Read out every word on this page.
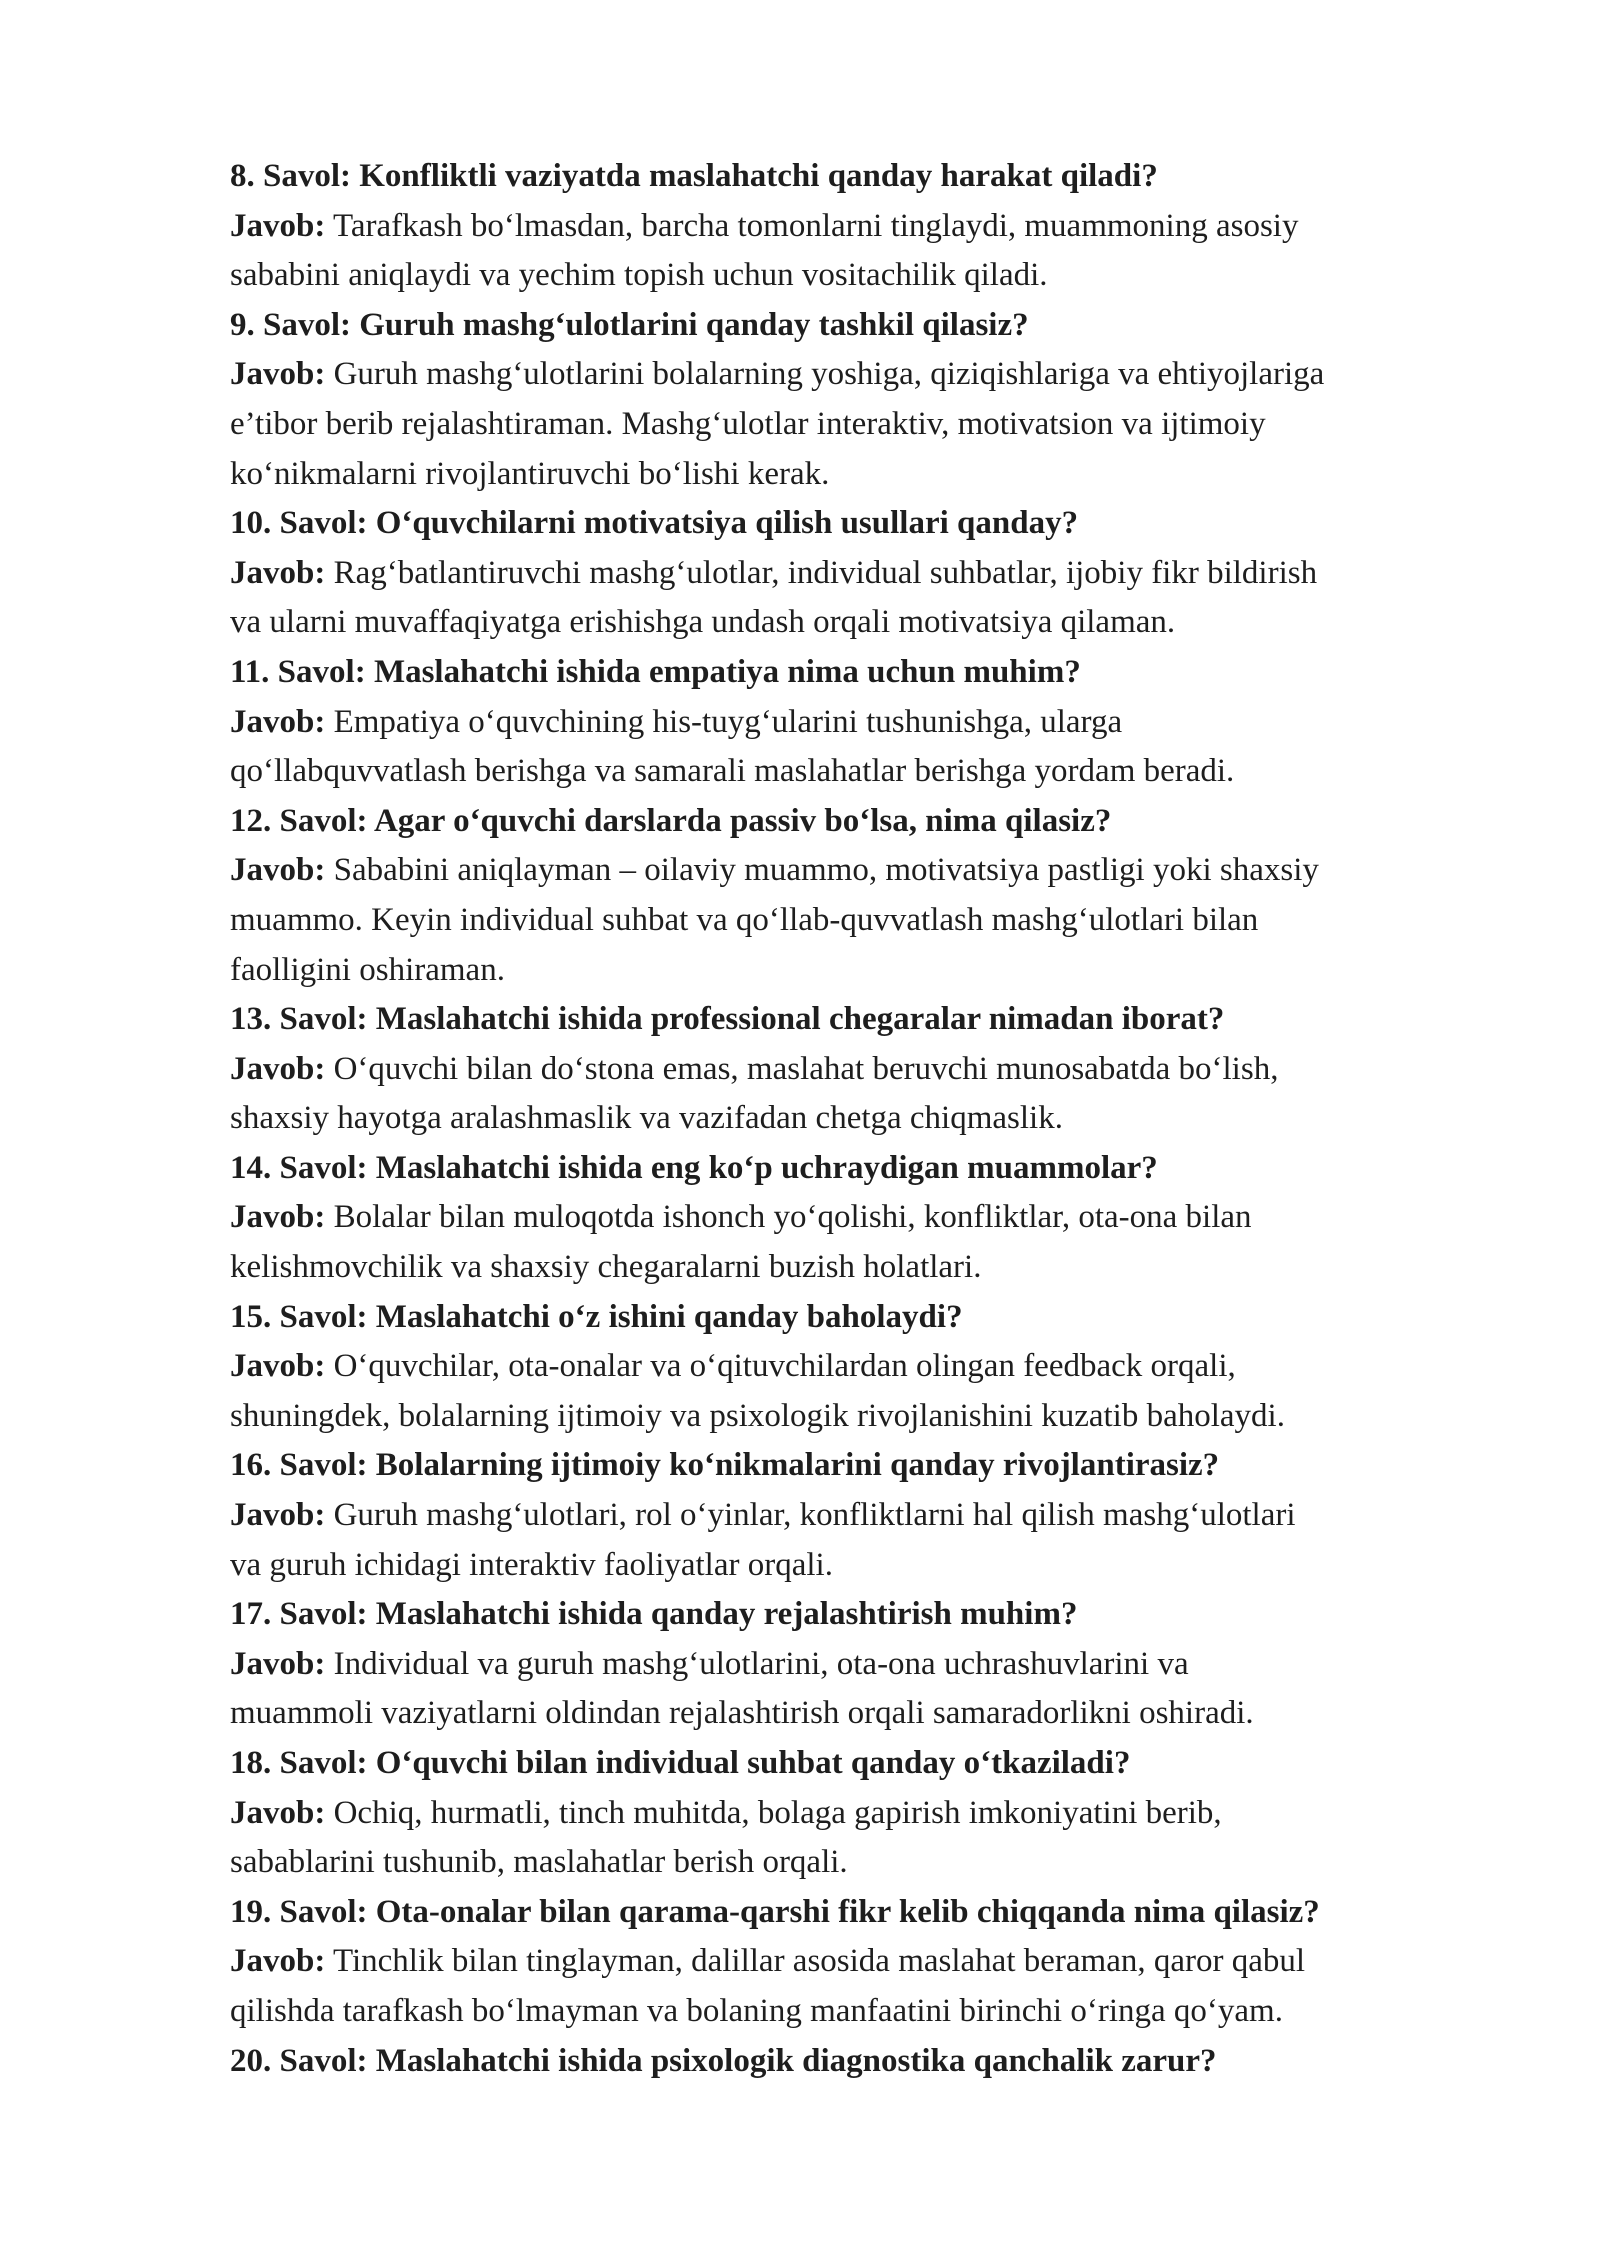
8. Savol: Konfliktli vaziyatda maslahatchi qanday harakat qiladi?
Javob: Tarafkash bo‘lmasdan, barcha tomonlarni tinglaydi, muammoning asosiy
sababini aniqlaydi va yechim topish uchun vositachilik qiladi.
9. Savol: Guruh mashg‘ulotlarini qanday tashkil qilasiz?
Javob: Guruh mashg‘ulotlarini bolalarning yoshiga, qiziqishlariga va ehtiyojlariga
e’tibor berib rejalashtiraman. Mashg‘ulotlar interaktiv, motivatsion va ijtimoiy
ko‘nikmalarni rivojlantiruvchi bo‘lishi kerak.
10. Savol: O‘quvchilarni motivatsiya qilish usullari qanday?
Javob: Rag‘batlantiruvchi mashg‘ulotlar, individual suhbatlar, ijobiy fikr bildirish
va ularni muvaffaqiyatga erishishga undash orqali motivatsiya qilaman.
11. Savol: Maslahatchi ishida empatiya nima uchun muhim?
Javob: Empatiya o‘quvchining his-tuyg‘ularini tushunishga, ularga
qo‘llabquvvatlash berishga va samarali maslahatlar berishga yordam beradi.
12. Savol: Agar o‘quvchi darslarda passiv bo‘lsa, nima qilasiz?
Javob: Sababini aniqlayman – oilaviy muammo, motivatsiya pastligi yoki shaxsiy
muammo. Keyin individual suhbat va qo‘llab-quvvatlash mashg‘ulotlari bilan
faolligini oshiraman.
13. Savol: Maslahatchi ishida professional chegaralar nimadan iborat?
Javob: O‘quvchi bilan do‘stona emas, maslahat beruvchi munosabatda bo‘lish,
shaxsiy hayotga aralashmaslik va vazifadan chetga chiqmaslik.
14. Savol: Maslahatchi ishida eng ko‘p uchraydigan muammolar?
Javob: Bolalar bilan muloqotda ishonch yo‘qolishi, konfliktlar, ota-ona bilan
kelishmovchilik va shaxsiy chegaralarni buzish holatlari.
15. Savol: Maslahatchi o‘z ishini qanday baholaydi?
Javob: O‘quvchilar, ota-onalar va o‘qituvchilardan olingan feedback orqali,
shuningdek, bolalarning ijtimoiy va psixologik rivojlanishini kuzatib baholaydi.
16. Savol: Bolalarning ijtimoiy ko‘nikmalarini qanday rivojlantirasiz?
Javob: Guruh mashg‘ulotlari, rol o‘yinlar, konfliktlarni hal qilish mashg‘ulotlari
va guruh ichidagi interaktiv faoliyatlar orqali.
17. Savol: Maslahatchi ishida qanday rejalashtirish muhim?
Javob: Individual va guruh mashg‘ulotlarini, ota-ona uchrashuvlarini va
muammoli vaziyatlarni oldindan rejalashtirish orqali samaradorlikni oshiradi.
18. Savol: O‘quvchi bilan individual suhbat qanday o‘tkaziladi?
Javob: Ochiq, hurmatli, tinch muhitda, bolaga gapirish imkoniyatini berib,
sabablarini tushunib, maslahatlar berish orqali.
19. Savol: Ota-onalar bilan qarama-qarshi fikr kelib chiqqanda nima qilasiz?
Javob: Tinchlik bilan tinglayman, dalillar asosida maslahat beraman, qaror qabul
qilishda tarafkash bo‘lmayman va bolaning manfaatini birinchi o‘ringa qo‘yam.
20. Savol: Maslahatchi ishida psixologik diagnostika qanchalik zarur?
